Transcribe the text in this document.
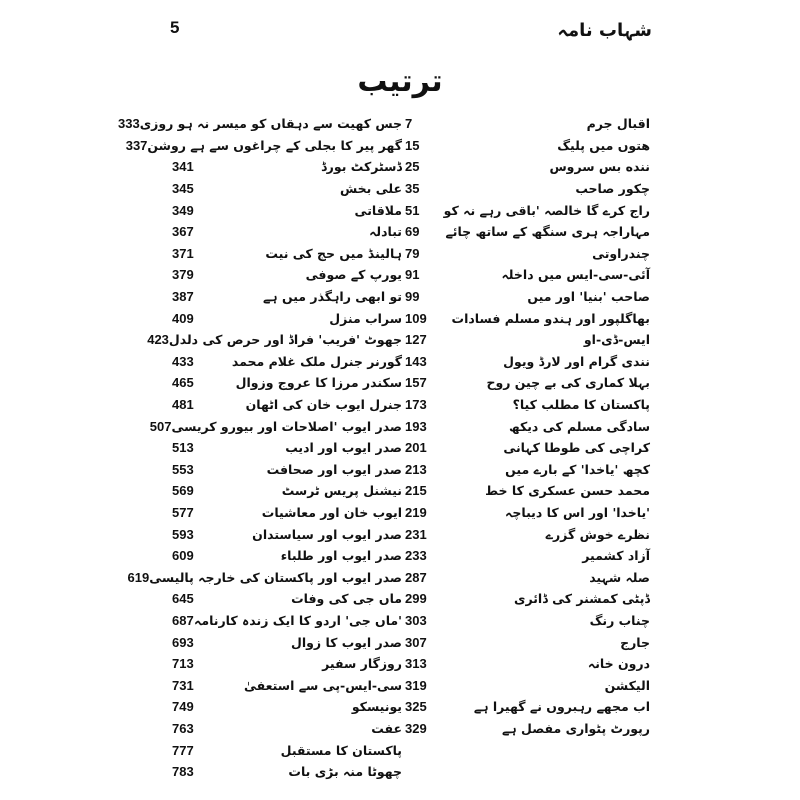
شہاب نامہ
5
ترتیب
اقبال جرم
7
ھتوں میں پلیگ
15
ننده بس سروس
25
چکور صاحب
35
راج کرے گا خالصہ 'باقی رہے نہ کو
51
مہاراجہ ہری سنگھ کے ساتھ چائے
69
چندراوتی
79
آئی-سی-ایس میں داخلہ
91
صاحب 'بنیا' اور میں
99
بھاگلپور اور ہندو مسلم فسادات
109
ایس-ڈی-او
127
نندی گرام اور لارڈ ویول
143
بہلا کماری کی بے چین روح
157
پاکستان کا مطلب کیا؟
173
سادگی مسلم کی دیکھ
193
کراچی کی طوطا کہانی
201
کچھ 'یاخدا' کے بارے میں
213
محمد حسن عسکری کا خط
215
'یاخدا' اور اس کا دیباچہ
219
نظرے خوش گزرے
231
آزاد کشمیر
233
صلہ شہید
287
ڈپٹی کمشنر کی ڈائری
299
چناب رنگ
303
جارج
307
درون خانہ
313
الیکشن
319
اب مجھے رہبروں نے گھیرا ہے
325
رپورٹ پٹواری مفصل ہے
329
جس کھیت سے دہقاں کو میسر نہ ہو روزی
333
گھر پیر کا بجلی کے چراغوں سے ہے روشن
337
ڈسٹرکٹ بورڈ
341
علی بخش
345
ملاقاتی
349
تبادلہ
367
ہالینڈ میں حج کی نیت
371
یورپ کے صوفی
379
تو ابھی راہگذر میں ہے
387
سراب منزل
409
جھوٹ 'فریب' فراڈ اور حرص کی دلدل
423
گورنر جنرل ملک غلام محمد
433
سکندر مرزا کا عروج وزوال
465
جنرل ایوب خان کی اٹھان
481
صدر ایوب 'اصلاحات اور بیورو کریسی
507
صدر ایوب اور ادیب
513
صدر ایوب اور صحافت
553
نیشنل پریس ٹرسٹ
569
ایوب خان اور معاشیات
577
صدر ایوب اور سیاستدان
593
صدر ایوب اور طلباء
609
صدر ایوب اور پاکستان کی خارجہ پالیسی
619
ماں جی کی وفات
645
'ماں جی' اردو کا ایک زندہ کارنامہ
687
صدر ایوب کا زوال
693
روزگار سفیر
713
سی-ایس-پی سے استعفیٰ
731
یونیسکو
749
عفت
763
پاکستان کا مستقبل
777
چھوٹا منہ بڑی بات
783
